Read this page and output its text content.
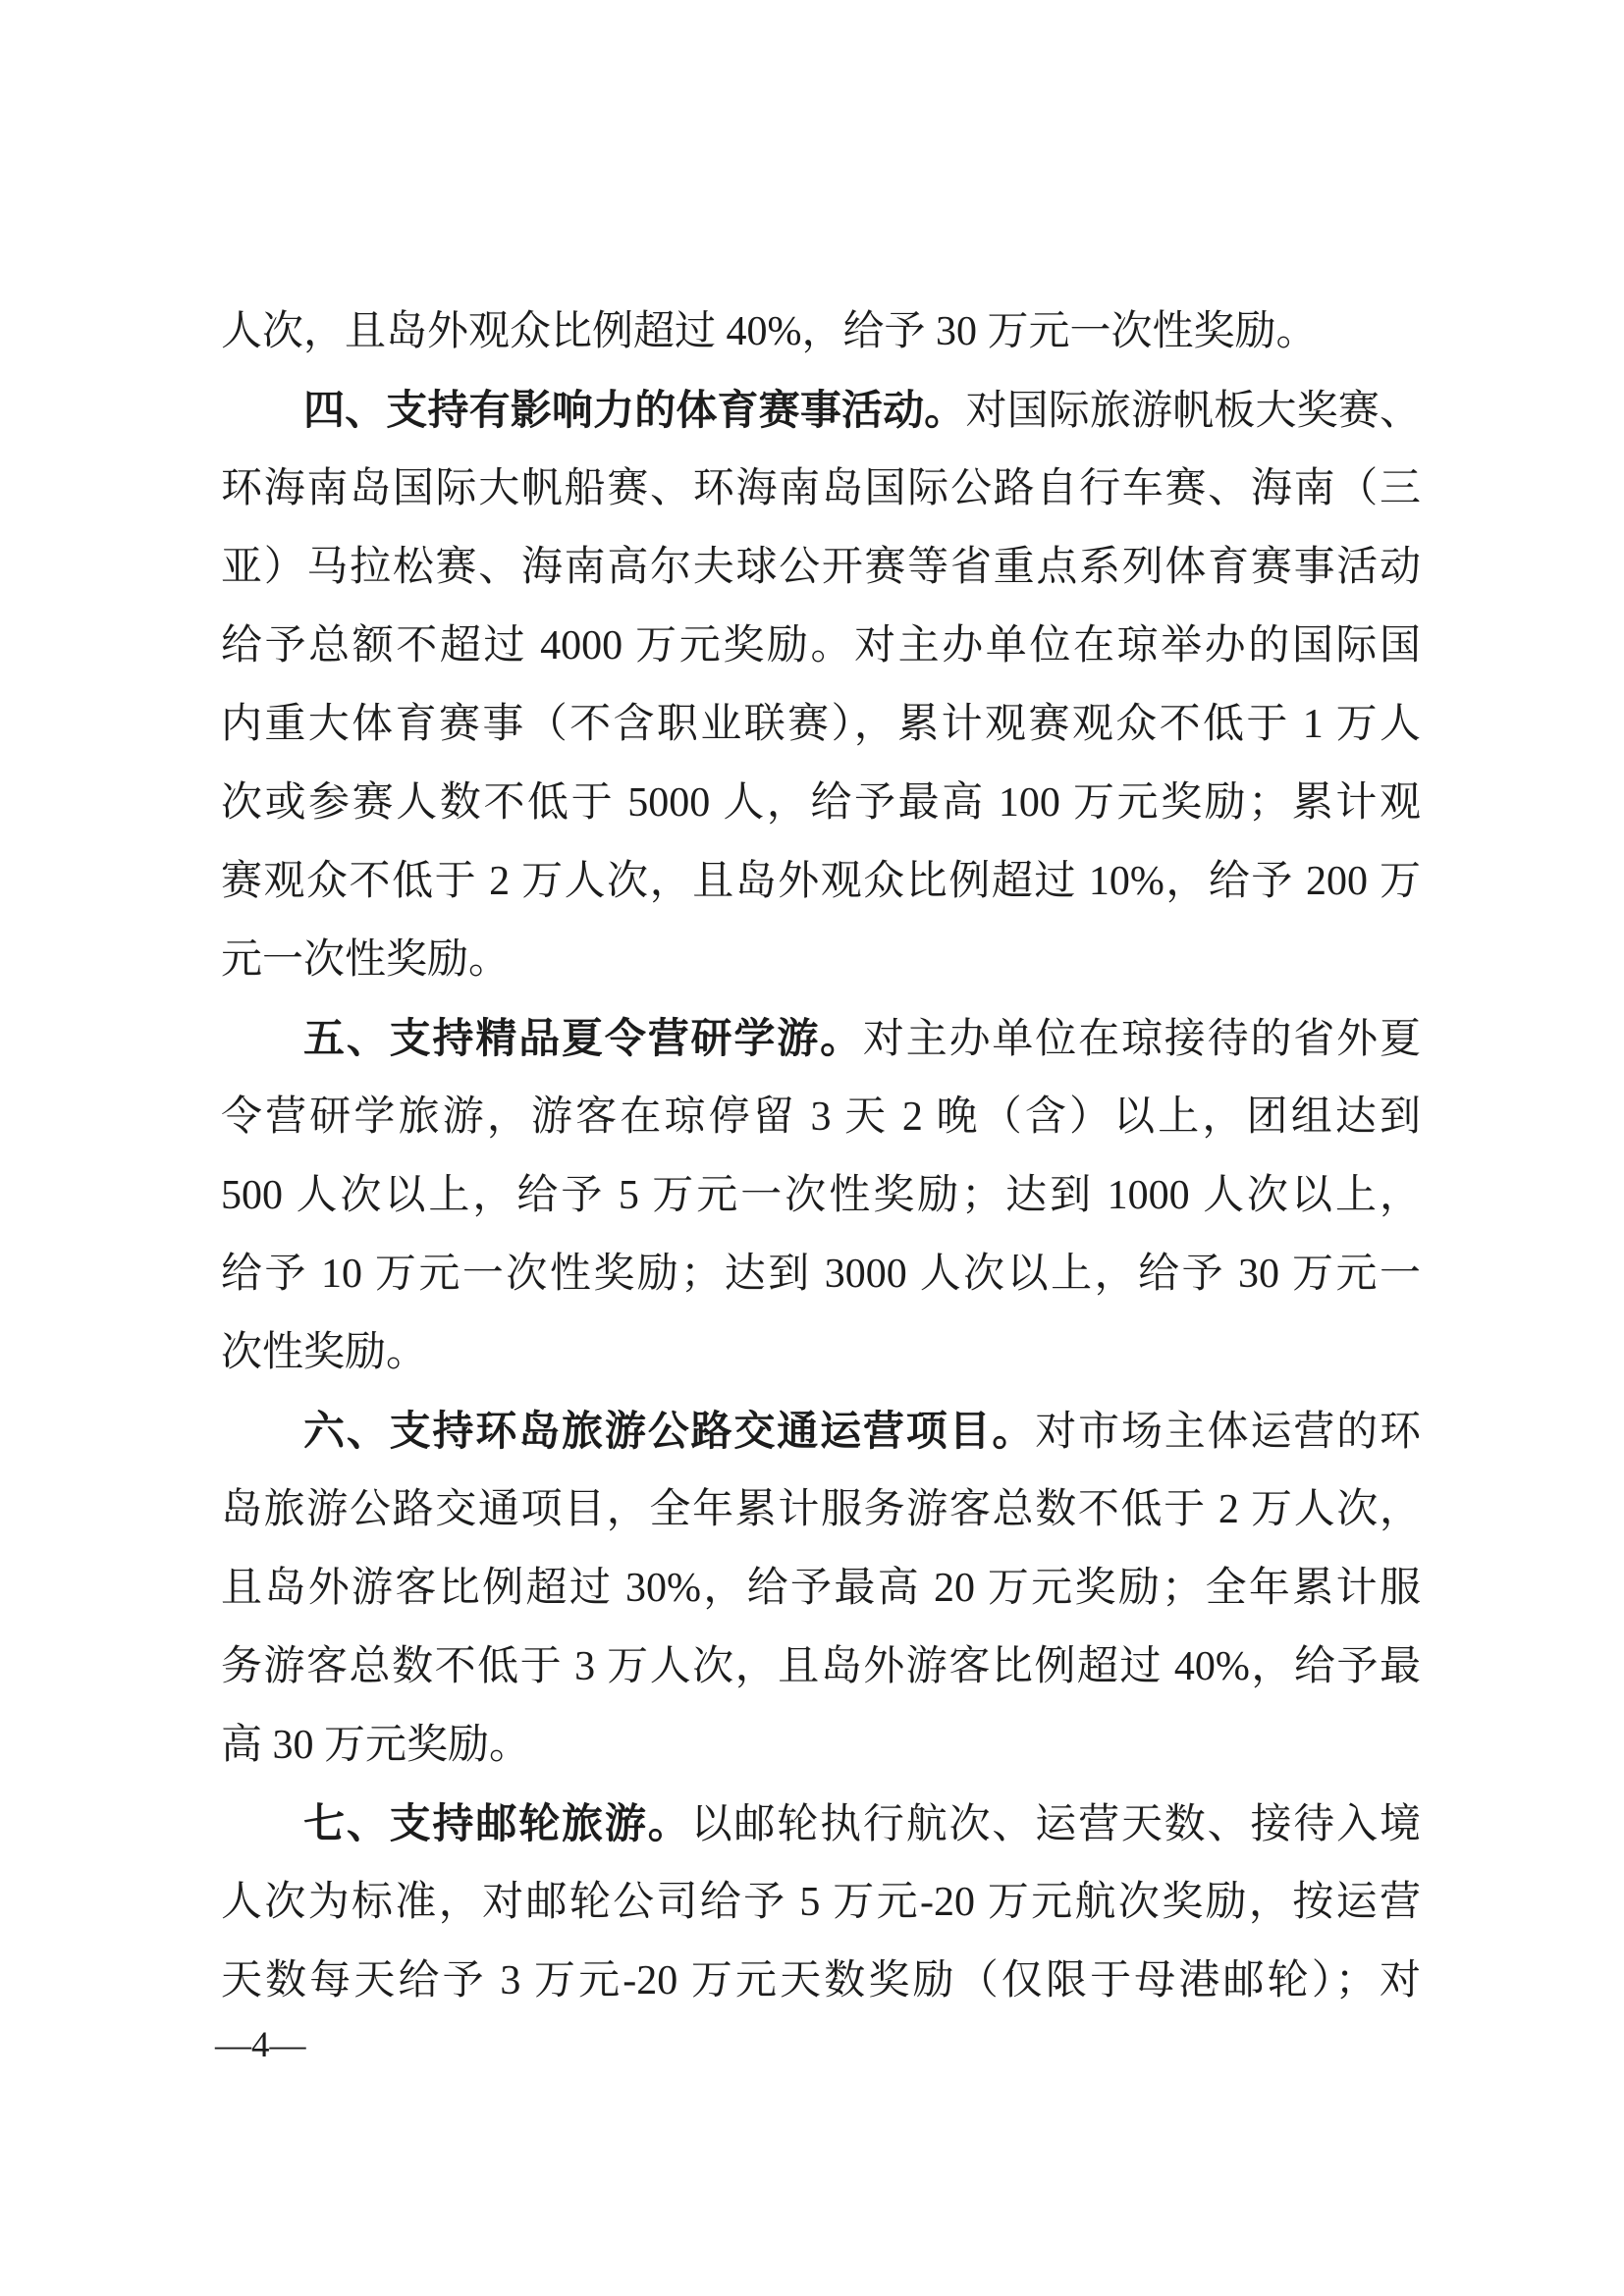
人次，且岛外观众比例超过 40%，给予 30 万元一次性奖励。
四、支持有影响力的体育赛事活动。对国际旅游帆板大奖赛、
环海南岛国际大帆船赛、环海南岛国际公路自行车赛、海南（三
亚）马拉松赛、海南高尔夫球公开赛等省重点系列体育赛事活动
给予总额不超过 4000 万元奖励。对主办单位在琼举办的国际国
内重大体育赛事（不含职业联赛），累计观赛观众不低于 1 万人
次或参赛人数不低于 5000 人，给予最高 100 万元奖励；累计观
赛观众不低于 2 万人次，且岛外观众比例超过 10%，给予 200 万
元一次性奖励。
五、支持精品夏令营研学游。对主办单位在琼接待的省外夏
令营研学旅游，游客在琼停留 3 天 2 晚（含）以上，团组达到
500 人次以上，给予 5 万元一次性奖励；达到 1000 人次以上，
给予 10 万元一次性奖励；达到 3000 人次以上，给予 30 万元一
次性奖励。
六、支持环岛旅游公路交通运营项目。对市场主体运营的环
岛旅游公路交通项目，全年累计服务游客总数不低于 2 万人次，
且岛外游客比例超过 30%，给予最高 20 万元奖励；全年累计服
务游客总数不低于 3 万人次，且岛外游客比例超过 40%，给予最
高 30 万元奖励。
七、支持邮轮旅游。以邮轮执行航次、运营天数、接待入境
人次为标准，对邮轮公司给予 5 万元-20 万元航次奖励，按运营
天数每天给予 3 万元-20 万元天数奖励（仅限于母港邮轮）；对
—4—
